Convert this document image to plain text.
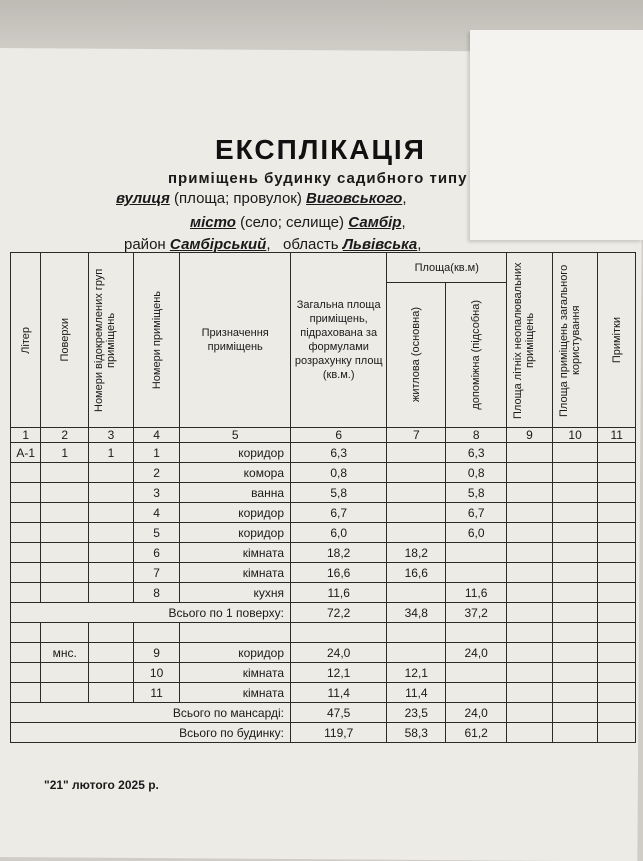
ЕКСПЛІКАЦІЯ
приміщень будинку садибного типу
вулиця (площа; провулок) Виговського,
місто (село; селище) Самбір,
район Самбірський, область Львівська,
Літер	Поверхи	Номери відокремлених груп приміщень	Номери приміщень	Призначення приміщень	Загальна площа приміщень, підрахована за формулами розрахунку площ (кв.м.)	Площа(кв.м)		Площа літніх неопалювальних приміщень	Площа приміщень загального користування	Примітки

						житлова (основна)	допоміжна (підсобна)			

1	2	3	4	5	6	7	8	9	10	11
А-1	1	1	1	коридор	6,3		6,3			
			2	комора	0,8		0,8			
			3	ванна	5,8		5,8			
			4	коридор	6,7		6,7			
			5	коридор	6,0		6,0			
			6	кімната	18,2	18,2				
			7	кімната	16,6	16,6				
			8	кухня	11,6		11,6			
Всього по 1 поверху:					72,2	34,8	37,2			

	мнс.		9	коридор	24,0		24,0			
			10	кімната	12,1	12,1				
			11	кімната	11,4	11,4				
Всього по мансарді:					47,5	23,5	24,0			
Всього по будинку:					119,7	58,3	61,2			
"21" лютого 2025 р.
